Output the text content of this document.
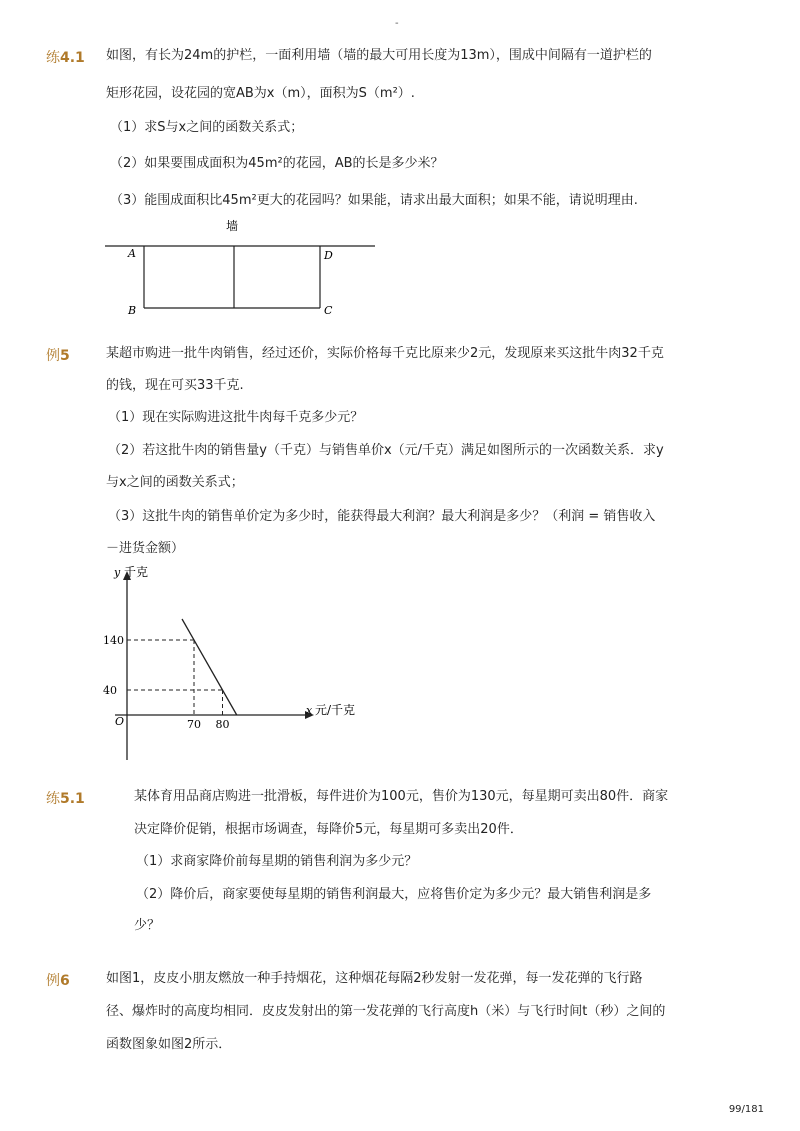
-
练4.1 如图，有长为24m的护栏，一面利用墙（墙的最大可用长度为13m），围成中间隔有一道护栏的
矩形花园，设花园的宽AB为x（m），面积为S（m²）.
（1）求S与x之间的函数关系式；
（2）如果要围成面积为45m²的花园，AB的长是多少米？
（3）能围成面积比45m²更大的花园吗？如果能，请求出最大面积；如果不能，请说明理由.
墙
A
B	C
D
例5	某超市购进一批牛肉销售，经过还价，实际价格每千克比原来少2元，发现原来买这批牛肉32千克
的钱，现在可买33千克.
（1）现在实际购进这批牛肉每千克多少元？
（2）若这批牛肉的销售量y（千克）与销售单价x（元/千克）满足如图所示的一次函数关系．求y
与x之间的函数关系式；
（3）这批牛肉的销售单价定为多少时，能获得最大利润？最大利润是多少？（利润 = 销售收入
－进货金额）
y 千克
x 元/千克
O	70
140
80
40
练5.1	某体育用品商店购进一批滑板，每件进价为100元，售价为130元，每星期可卖出80件．商家
决定降价促销，根据市场调查，每降价5元，每星期可多卖出20件．
（1）求商家降价前每星期的销售利润为多少元？
（2）降价后，商家要使每星期的销售利润最大，应将售价定为多少元？最大销售利润是多
少？
例6	如图1，皮皮小朋友燃放一种手持烟花，这种烟花每隔2秒发射一发花弹，每一发花弹的飞行路
径、爆炸时的高度均相同．皮皮发射出的第一发花弹的飞行高度h（米）与飞行时间t（秒）之间的
函数图象如图2所示．
99/181
